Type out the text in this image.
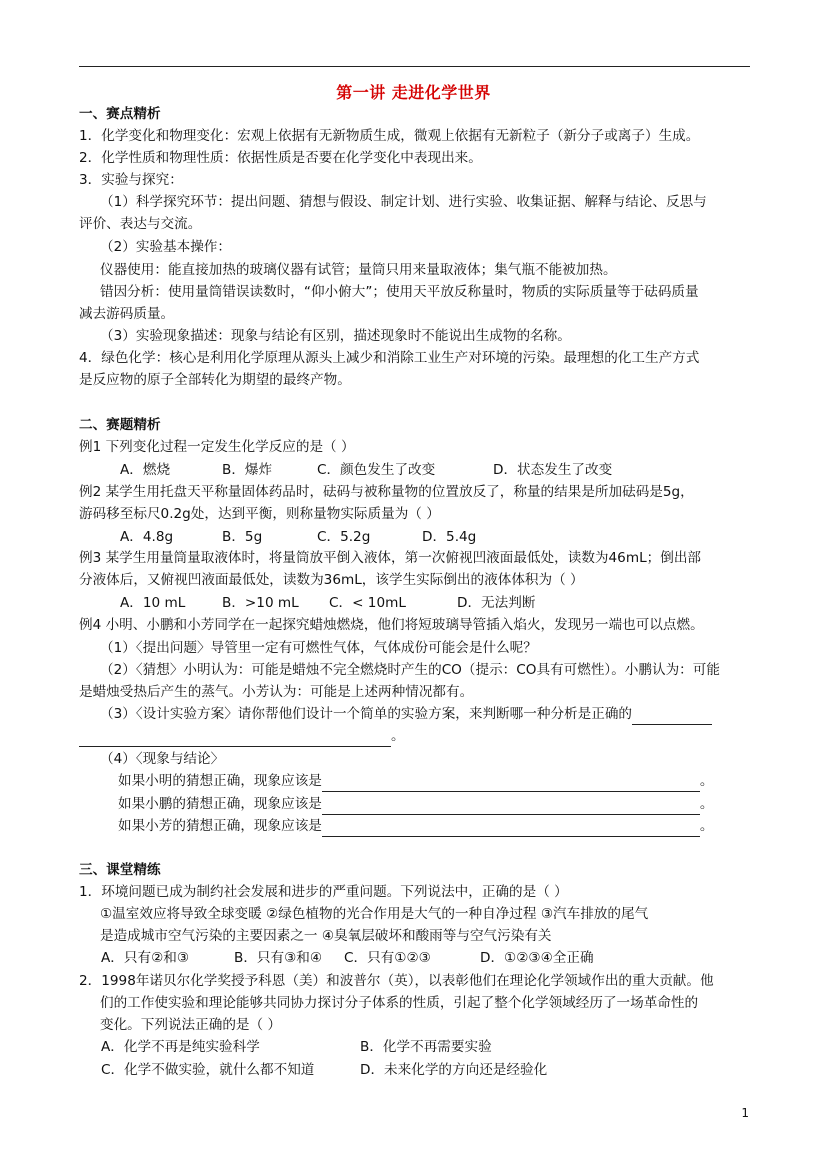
第一讲 走进化学世界
一、赛点精析
1．化学变化和物理变化：宏观上依据有无新物质生成，微观上依据有无新粒子（新分子或离子）生成。
2．化学性质和物理性质：依据性质是否要在化学变化中表现出来。
3．实验与探究：
（1）科学探究环节：提出问题、猜想与假设、制定计划、进行实验、收集证据、解释与结论、反思与
评价、表达与交流。
（2）实验基本操作：
仪器使用：能直接加热的玻璃仪器有试管；量筒只用来量取液体；集气瓶不能被加热。
错因分析：使用量筒错误读数时，“仰小俯大”；使用天平放反称量时，物质的实际质量等于砝码质量
减去游码质量。
（3）实验现象描述：现象与结论有区别，描述现象时不能说出生成物的名称。
4．绿色化学：核心是利用化学原理从源头上减少和消除工业生产对环境的污染。最理想的化工生产方式
是反应物的原子全部转化为期望的最终产物。
二、赛题精析
例1 下列变化过程一定发生化学反应的是（ ）
A．燃烧	B．爆炸	C．颜色发生了改变	D．状态发生了改变
例2 某学生用托盘天平称量固体药品时，砝码与被称量物的位置放反了，称量的结果是所加砝码是5g，
游码移至标尺0.2g处，达到平衡，则称量物实际质量为（ ）
A．4.8g	B．5g	C．5.2g	D．5.4g
例3 某学生用量筒量取液体时，将量筒放平倒入液体，第一次俯视凹液面最低处，读数为46mL；倒出部
分液体后，又俯视凹液面最低处，读数为36mL，该学生实际倒出的液体体积为（ ）
A．10 mL	B．>10 mL C．< 10mL	D．无法判断
例4 小明、小鹏和小芳同学在一起探究蜡烛燃烧，他们将短玻璃导管插入焰火，发现另一端也可以点燃。
（1）〈提出问题〉导管里一定有可燃性气体，气体成份可能会是什么呢？
（2）〈猜想〉小明认为：可能是蜡烛不完全燃烧时产生的CO（提示：CO具有可燃性）。小鹏认为：可能
是蜡烛受热后产生的蒸气。小芳认为：可能是上述两种情况都有。
（3）〈设计实验方案〉请你帮他们设计一个简单的实验方案，来判断哪一种分析是正确的
。
（4）〈现象与结论〉
如果小明的猜想正确，现象应该是	。
如果小鹏的猜想正确，现象应该是	。
如果小芳的猜想正确，现象应该是	。
三、课堂精练
1．环境问题已成为制约社会发展和进步的严重问题。下列说法中，正确的是（ ）
①温室效应将导致全球变暖 ②绿色植物的光合作用是大气的一种自净过程 ③汽车排放的尾气
是造成城市空气污染的主要因素之一 ④臭氧层破坏和酸雨等与空气污染有关
A．只有②和③	B．只有③和④ C．只有①②③	D．①②③④全正确
2．1998年诺贝尔化学奖授予科恩（美）和波普尔（英），以表彰他们在理论化学领域作出的重大贡献。他
们的工作使实验和理论能够共同协力探讨分子体系的性质，引起了整个化学领域经历了一场革命性的
变化。下列说法正确的是（ ）
A．化学不再是纯实验科学	B．化学不再需要实验
C．化学不做实验，就什么都不知道	D．未来化学的方向还是经验化
1
